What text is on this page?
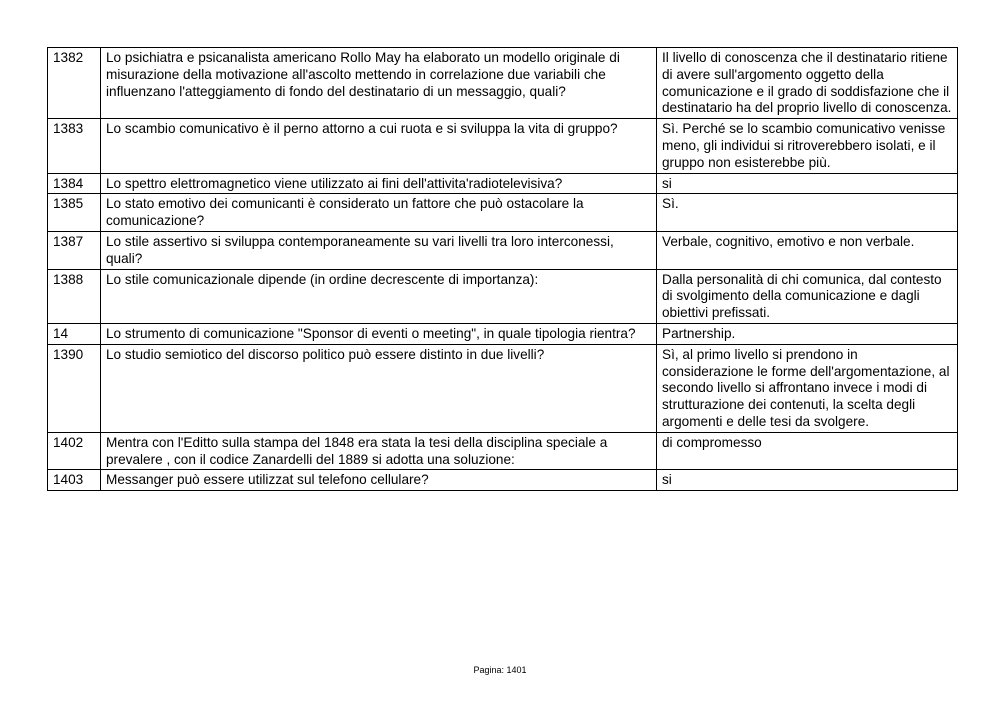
1382	Lo psichiatra e psicanalista americano Rollo May ha elaborato un modello originale di misurazione della motivazione all'ascolto mettendo in correlazione due variabili che influenzano l'atteggiamento di fondo del destinatario di un messaggio, quali?	Il livello di conoscenza che il destinatario ritiene di avere sull'argomento oggetto della comunicazione e il grado di soddisfazione che il destinatario ha del proprio livello di conoscenza.
1383	Lo scambio comunicativo è il perno attorno a cui ruota e si sviluppa la vita di gruppo?	Sì. Perché se lo scambio comunicativo venisse meno, gli individui si ritroverebbero isolati, e il gruppo non esisterebbe più.
1384	Lo spettro elettromagnetico viene utilizzato ai fini dell'attivita'radiotelevisiva?	si
1385	Lo stato emotivo dei comunicanti è considerato un fattore che può ostacolare la comunicazione?	Sì.
1387	Lo stile assertivo si sviluppa contemporaneamente su vari livelli tra loro interconessi, quali?	Verbale, cognitivo, emotivo e non verbale.
1388	Lo stile comunicazionale dipende (in ordine decrescente di importanza):	Dalla personalità di chi comunica, dal contesto di svolgimento della comunicazione e dagli obiettivi prefissati.
14	Lo strumento di comunicazione "Sponsor di eventi o meeting", in quale tipologia rientra?	Partnership.
1390	Lo studio semiotico del discorso politico può essere distinto in due livelli?	Sì, al primo livello si prendono in considerazione le forme dell'argomentazione, al secondo livello si affrontano invece i modi di strutturazione dei contenuti, la scelta degli argomenti e delle tesi da svolgere.
1402	Mentra con l'Editto sulla stampa del 1848 era stata la tesi della disciplina speciale a prevalere , con il codice Zanardelli del 1889 si adotta una soluzione:	di compromesso
1403	Messanger può essere utilizzat sul telefono cellulare?	si
Pagina: 1401
